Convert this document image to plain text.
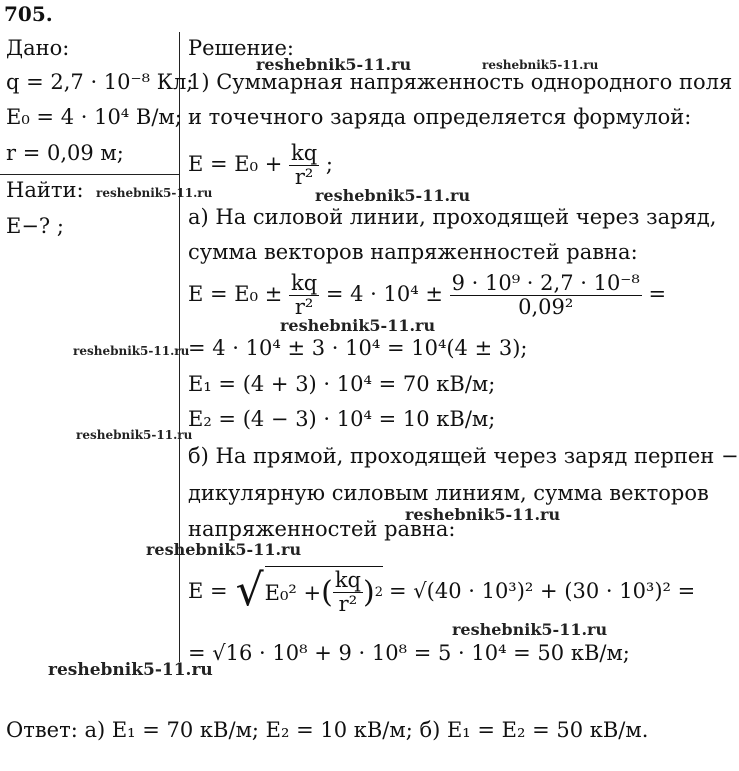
705.
Дано:
q = 2,7 · 10⁻⁸ Кл;
E₀ = 4 · 10⁴ В/м;
r = 0,09 м;
Найти:
E−? ;
Решение:
1) Суммарная напряженность однородного поля
и точечного заряда определяется формулой:
$E = E_0 + \frac{kq}{\text{r²}}$ ;
а) На силовой линии, проходящей через заряд,
сумма векторов напряженностей равна:
$E = E_0 \pm \frac{kq}{\text{r²}} = 4 \cdot 10^4 \pm \frac{\text{9 · 10⁹ · 2,7 · 10⁻⁸}}{\text{0,09²}}$ =
= 4 · 10⁴ ± 3 · 10⁴ = 10⁴(4 ± 3);
E₁ = (4 + 3) · 10⁴ = 70 кВ/м;
E₂ = (4 − 3) · 10⁴ = 10 кВ/м;
б) На прямой, проходящей через заряд перпен −
дикулярную силовым линиям, сумма векторов
напряженностей равна:
E = √ E₀² + ( $\frac{kq}{\text{r²}}$ ) 2 = √(40 · 10³)² + (30 · 10³)² =
= √16 · 10⁸ + 9 · 10⁸ = 5 · 10⁴ = 50 кВ/м;
Ответ: а) E₁ = 70 кВ/м; E₂ = 10 кВ/м; б) E₁ = E₂ = 50 кВ/м.
reshebnik5-11.ru	reshebnik5-11.ru
reshebnik5-11.ru	reshebnik5-11.ru
reshebnik5-11.ru
reshebnik5-11.ru
reshebnik5-11.ru
reshebnik5-11.ru
reshebnik5-11.ru
reshebnik5-11.ru
reshebnik5-11.ru
